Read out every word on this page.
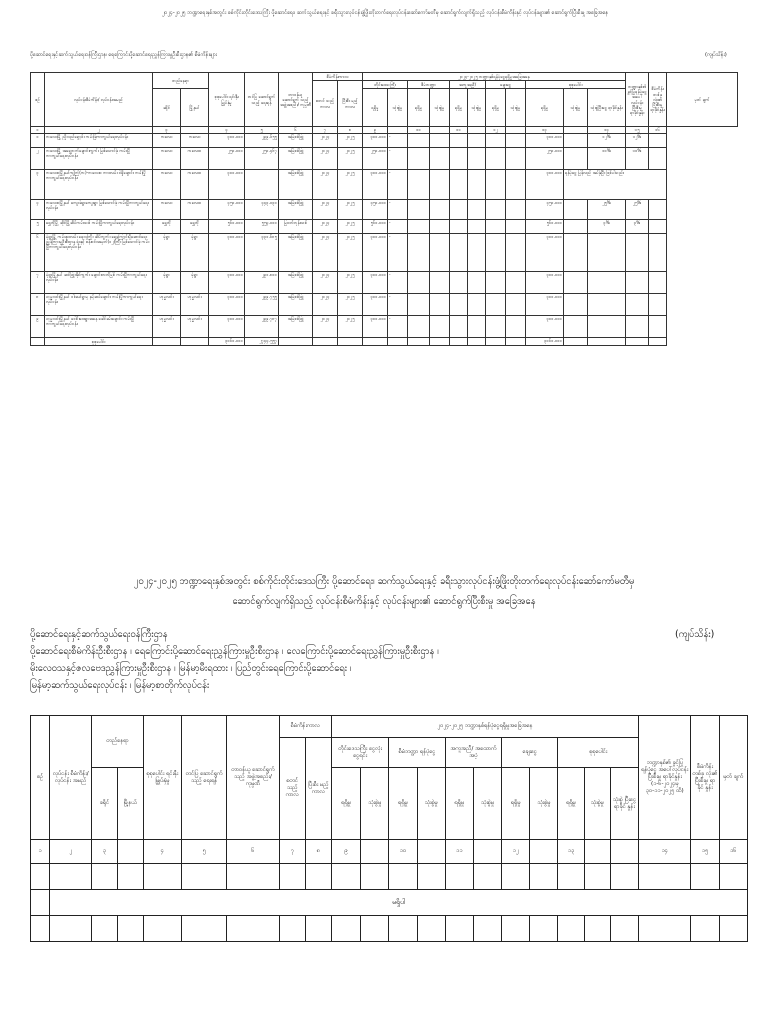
၂၀၂၄-၂၀၂၅ ဘဏ္ဍာရေးနှစ်အတွင်း စစ်ကိုင်းတိုင်းဒေသကြီး ပို့ဆောင်ရေး၊ ဆက်သွယ်ရေးနှင့် ခရီးသွားလုပ်ငန်းဖွံ့ဖြိုးတိုးတက်ရေးလုပ်ငန်းဆော်ကော်မတီမှ ဆောင်ရွက်လျက်ရှိသည့် လုပ်ငန်းစီမံကိန်းနှင့် လုပ်ငန်းများ၏ ဆောင်ရွက်ပြီးစီးမှု အခြေအနေ
ပို့ဆောင်ရေးနှင့်ဆက်သွယ်ရေးဝန်ကြီးဌာန၊ ရေကြောင်းပို့ဆောင်ရေးညွှန်ကြားမှုဦးစီးဌာန၏ စီမံကိန်းများ	(ကျပ်သိန်း)
စဉ်	လုပ်ငန်းစီမံကိန်း/ လုပ်ငန်းအမည်	တည်နေရာ		စုစုပေါင်း ရင်းနှီး မြှုပ်နှံမှု	တင်ပြ ဆောင်ရွက် သည့် ရေးရန်	တာဝန်ယူ ဆောင်ရွက် သည့် အဖွဲ့အစည်း/ ကုမ္ပဏီ	စီမံကိန်းကာလ		၂၀၂၄-၂၀၂၅ ဘဏ္ဍာနှစ်ရန်ပုံငွေရရှိမှုအခြေအနေ											ဘဏ္ဍာနှစ်၏ ခွင့်ပြုရန်ပုံငွေ အပေါ်လုပ်ငန်း ပြီးစီးမှု ရာခိုင်နှုန်း	စီမံကိန်း တစ်ခု လုံး၏ ပြီးစီးမှု ရာခိုင်နှုန်း	မှတ် ချက်
							စတင် သည့် ကာလ	ပြီးစီး မည့် ကာလ	တိုင်းဒေသကြီး		စီမံဘဏ္ဍာ		အကူအညီ/		ချေးငွေ		စုစုပေါင်း					
		ခရိုင်	မြို့နယ်						ရရှိမှု	သုံးစွဲမှု	ရရှိမှု	သုံးစွဲမှု	ရရှိမှု	သုံးစွဲမှု	ရရှိမှု	သုံးစွဲမှု	ရရှိမှု	သုံးစွဲမှု	သုံးစွဲပြီးငွေ ရာခိုင်နှုန်း			
၁	၂	၃		၄	၅	၆	၇	၈	၉		၁၀		၁၁		၁၂		၁၃		၁၄	၁၅	၁၆	
၁	ကလေးမြို့ ညှိုလည်ရှော့ဖ်း ကမ်းခြံကာကွယ်ရေးလုပ်ငန်း	ကလေး	ကလေး	၃၀၀.၀၀၀	၂၉၉.၆၅၅	အမြဲစစ်ဖြူ	၂၀၂၄	၂၀၂၅	၃၀၀.၀၀၀	-							၃၀၀.၀၀၀		၁၂%	၁၂%		
၂	ကလေးမြို့ အရှေ့ဘက်ချောင်းကွက်း မြစ်သောင်ခုံ ကမ်းပြို ကာကွယ်ရေးလုပ်ငန်း	ကလေး	ကလေးဝ	၂၅၀.၀၀၀	၂၅၀.၄၆၇	အမြဲစစ်ဖြူ	၂၀၂၄	၂၀၂၅	၂၅၀.၀၀၀	-							၂၅၀.၀၀၀		၁၀%	၁၀%		
၃	ကလေးဝမြို့နယ်ကျဲကြံ(က)-ကလေးဝ ကားလမ်း ဝဲရှိချောင်း ကမ်းပြိုကာကွယ်ရေးလုပ်ငန်း	ကလေး	ကလေးဝ	၃၀၀.၀၀၀		အမြဲစစ်ဖြူ	၂၀၂၄	၂၀၂၅	၃၀၀.၀၀၀	-							၃၀၀.၀၀၀	ရန်ပုံငွေ ပြန်လည် အပ်နှံပြီး ဖြစ်ပါသည်။				
၄	ကလေးဝမြို့နယ် ကျေးခဲရွာကျေးရွာ မြစ်သောင်ခုံ ကမ်းပြိုကာကွယ်ရေး လုပ်ငန်း	ကလေး	ကလေးဝ	၄၅၀.၀၀၀	၄၄၃.၀၃၀	အမြဲစစ်ဖြူ	၂၀၂၄	၂၀၂၅	၄၅၀.၀၀၀	-							၄၅၀.၀၀၀		၂၅%	၂၅%		
၅	ရွှေဘိုမြို့ ဆိုင်မြို့ဆိပ်ကမ်းသစ် ကမ်းပြိုကာကွယ်ရေးလုပ်ငန်း	ရွှေဘို	ရွှေဘို	၅၆၀.၀၀၀	၅၅၄.၀၀၀	မြဝတ်ဘုန်းသစ်	၂၀၂၄	၂၀၂၅	၅၆၀.၀၀၀	-							၅၆၀.၀၀၀		၃%	၃%		
၆	မုံရွာမြို့ ကမ်းနားလမ်း ရေလှကြိုး ဆိပ်ကွက်း ရေကြောင်းပို့ဆောင်ရေး ညွှန်ကြားမှုဦးစီးဌာန ရုံးနှင့် စန်းဝင်းအမှတ်(၁၂)ကြီး မြစ်သောင်ခုံ ကမ်းပြိုကာကွယ်ရေးလုပ်ငန်း	မုံရွာ	မုံရွာ	၃၀၀.၀၀၀	၃၃၁.၆၈၅	အမြဲစစ်ဖြူ	၂၀၂၄	၂၀၂၅	၃၀၀.၀၀၀	-							၃၀၀.၀၀၀					
၇	မုံရွာမြို့နယ် ဆင်ဖြူအိုင်ကွက်း ချောင်းဘတ်မြစ် ကမ်းပြိုကာကွယ်ရေးလုပ်ငန်း	မုံရွာ	မုံရွာ	၃၀၀.၀၀၀	၂၉၁.၈၀၀	အမြဲစစ်ဖြူ	၂၀၂၄	၂၀၂၅	၃၀၀.၀၀၀	-							၃၀၀.၀၀၀					
၈	ဟုမ္မလင်းမြို့နယ် ဝါးခယ်ရွာမှ နမ့်ဆပ်ချောင်း ကမ်းပြိုကာကွယ်ရေး လုပ်ငန်း	ဟုမ္မလင်း	ဟုမ္မလင်း	၃၀၀.၀၀၀	၂၉၉.၇၅၅	အမြဲစစ်ဖြူ	၂၀၂၄	၂၀၂၅	၃၀၀.၀၀၀	-							၃၀၀.၀၀၀					
၉	ဟုမ္မလင်းမြို့နယ် ဒေါင်းဒေးရွာအနေ ခေါင်ခမ်းချောင်း ကမ်းပြို ကာကွယ်ရေးလုပ်ငန်း	ဟုမ္မလင်း	ဟုမ္မလင်း	၃၀၀.၀၀၀	၂၉၉.၇၈၇	အမြဲစစ်ဖြူ	၂၀၂၄	၂၀၂၅	၃၀၀.၀၀၀	-							၃၀၀.၀၀၀					
	စုစုပေါင်း			၃၀၆၀.၀၀၀	၂၇၄၄.၅၅၇												၃၀၆၀.၀၀၀					
၂၀၂၄-၂၀၂၅ ဘဏ္ဍာရေးနှစ်အတွင်း စစ်ကိုင်းတိုင်းဒေသကြီး ပို့ဆောင်ရေး၊ ဆက်သွယ်ရေးနှင့် ခရီးသွားလုပ်ငန်းဖွံ့ဖြိုးတိုးတက်ရေးလုပ်ငန်းဆော်ကော်မတီမှ
ဆောင်ရွက်လျက်ရှိသည့် လုပ်ငန်းစီမံကိန်းနှင့် လုပ်ငန်းများ၏ ဆောင်ရွက်ပြီးစီးမှု အခြေအနေ
ပို့ဆောင်ရေးနှင့်ဆက်သွယ်ရေးဝန်ကြီးဌာန	(ကျပ်သိန်း)
ပို့ဆောင်ရေးစီမံကိန်းဦးစီးဌာန ၊ ရေကြောင်းပို့ဆောင်ရေးညွှန်ကြားမှုဦးစီးဌာန ၊ လေကြောင်းပို့ဆောင်ရေးညွှန်ကြားမှုဦးစီးဌာန ၊
မိုးလေဝသနှင့်ဇလဗေဒညွှန်ကြားမှုဦးစီးဌာန ၊ မြန်မာ့မီးရထား ၊ ပြည်တွင်းရေကြောင်းပို့ဆောင်ရေး ၊
မြန်မာ့ဆက်သွယ်ရေးလုပ်ငန်း ၊ မြန်မာ့စာတိုက်လုပ်ငန်း
စဉ်	လုပ်ငန်း စီမံကိန်း/ လုပ်ငန်း အမည်	တည်နေရာ		စုစုပေါင်း ရင်းနှီး မြှုပ်နှံမှု	တင်ပြ ဆောင်ရွက် သည့် ရေးရန်	တာဝန်ယူ ဆောင်ရွက် သည့် အဖွဲ့အစည်း/ ကုမ္ပဏီ	စီမံကိန်းကာလ		၂၀၂၄-၂၀၂၅ ဘဏ္ဍာနှစ်ရန်ပုံငွေရရှိမှုအခြေအနေ											ဘဏ္ဍာနှစ်၏ ခွင့်ပြုရန်ပုံငွေ အပေါ်လုပ်ငန်း ပြီးစီးမှု ရာခိုင်နှုန်း (၁-၆-၂၀၂၄မှ ၃၀-၁၁-၂၀၂၅ ထိ)	စီမံကိန်း တစ်ခု လုံး၏ ပြီးစီးမှု ရာခိုင် နှုန်း	မှတ် ချက်
							စတင် သည့် ကာလ	ပြီးစီး မည့် ကာလ	တိုင်းဒေသကြီး ငွေလုံးငွေရင်း		စီမံဘဏ္ဍာ ရန်ပုံငွေ		အကူအညီ/ အထောက်အပံ့		ချေးငွေ		စုစုပေါင်း					
		ခရိုင်	မြို့နယ်						ရရှိမှု	သုံးစွဲမှု	ရရှိမှု	သုံးစွဲမှု	ရရှိမှု	သုံးစွဲမှု	ရရှိမှု	သုံးစွဲမှု	ရရှိမှု	သုံးစွဲမှု	သုံးစွဲ ပြီးငွေ ရာခိုင် နှုန်း			
၁	၂	၃		၄	၅	၆	၇	၈	၉		၁၀		၁၁		၁၂		၁၃			၁၄	၁၅	၁၆

	မရှိပါ																					
